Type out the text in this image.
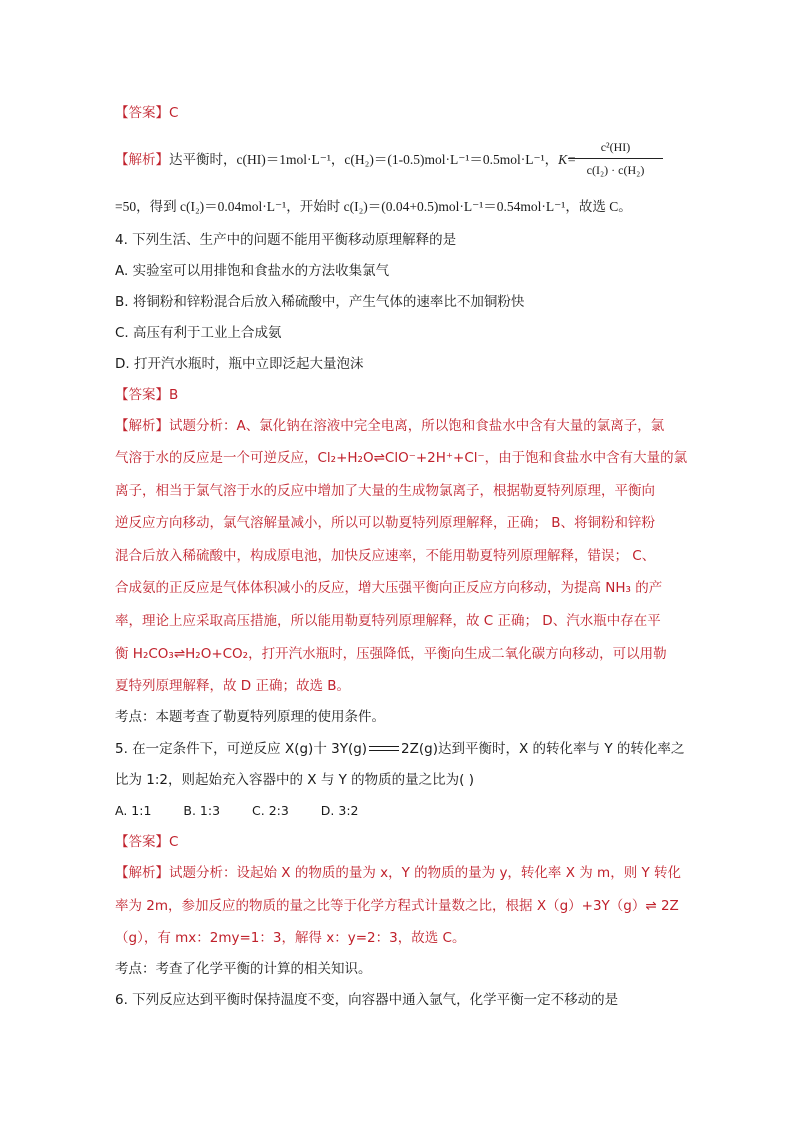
【答案】C
【解析】达平衡时，c(HI)＝1mol·L⁻¹，c(H₂)＝(1-0.5)mol·L⁻¹＝0.5mol·L⁻¹，K=
c²(HI)
c(I₂) · c(H₂)
=50，得到 c(I₂)＝0.04mol·L⁻¹，开始时 c(I₂)＝(0.04+0.5)mol·L⁻¹＝0.54mol·L⁻¹，故选 C。
4. 下列生活、生产中的问题不能用平衡移动原理解释的是
A. 实验室可以用排饱和食盐水的方法收集氯气
B. 将铜粉和锌粉混合后放入稀硫酸中，产生气体的速率比不加铜粉快
C. 高压有利于工业上合成氨
D. 打开汽水瓶时，瓶中立即泛起大量泡沫
【答案】B
【解析】试题分析：A、氯化钠在溶液中完全电离，所以饱和食盐水中含有大量的氯离子，氯
气溶于水的反应是一个可逆反应，Cl₂+H₂O⇌ClO⁻+2H⁺+Cl⁻，由于饱和食盐水中含有大量的氯
离子，相当于氯气溶于水的反应中增加了大量的生成物氯离子，根据勒夏特列原理，平衡向
逆反应方向移动，氯气溶解量减小，所以可以勒夏特列原理解释，正确； B、将铜粉和锌粉
混合后放入稀硫酸中，构成原电池，加快反应速率，不能用勒夏特列原理解释，错误； C、
合成氨的正反应是气体体积减小的反应，增大压强平衡向正反应方向移动，为提高 NH₃ 的产
率，理论上应采取高压措施，所以能用勒夏特列原理解释，故 C 正确； D、汽水瓶中存在平
衡 H₂CO₃⇌H₂O+CO₂，打开汽水瓶时，压强降低，平衡向生成二氧化碳方向移动，可以用勒
夏特列原理解释，故 D 正确；故选 B。
考点：本题考查了勒夏特列原理的使用条件。
5. 在一定条件下，可逆反应 X(g)十 3Y(g)	2Z(g)达到平衡时，X 的转化率与 Y 的转化率之
比为 1:2，则起始充入容器中的 X 与 Y 的物质的量之比为( )
A. 1:1	B. 1:3	C. 2:3	D. 3:2
【答案】C
【解析】试题分析：设起始 X 的物质的量为 x，Y 的物质的量为 y，转化率 X 为 m，则 Y 转化
率为 2m，参加反应的物质的量之比等于化学方程式计量数之比，根据 X（g）+3Y（g）⇌ 2Z
（g），有 mx：2my=1：3，解得 x：y=2：3，故选 C。
考点：考查了化学平衡的计算的相关知识。
6. 下列反应达到平衡时保持温度不变，向容器中通入氩气，化学平衡一定不移动的是
